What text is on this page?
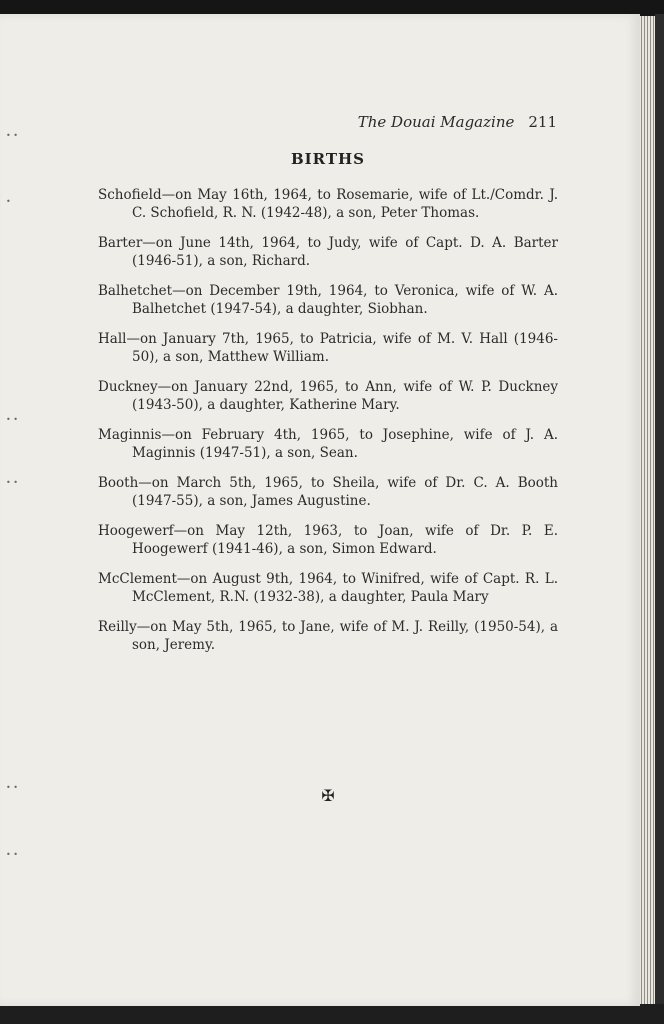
• •
•
• •
• •
• •
• •
The Douai Magazine 211
BIRTHS
Schofield—on May 16th, 1964, to Rosemarie, wife of Lt./Comdr. J. C. Schofield, R. N. (1942-48), a son, Peter Thomas.
Barter—on June 14th, 1964, to Judy, wife of Capt. D. A. Barter (1946-51), a son, Richard.
Balhetchet—on December 19th, 1964, to Veronica, wife of W. A. Balhetchet (1947-54), a daughter, Siobhan.
Hall—on January 7th, 1965, to Patricia, wife of M. V. Hall (1946-50), a son, Matthew William.
Duckney—on January 22nd, 1965, to Ann, wife of W. P. Duckney (1943-50), a daughter, Katherine Mary.
Maginnis—on February 4th, 1965, to Josephine, wife of J. A. Maginnis (1947-51), a son, Sean.
Booth—on March 5th, 1965, to Sheila, wife of Dr. C. A. Booth (1947-55), a son, James Augustine.
Hoogewerf—on May 12th, 1963, to Joan, wife of Dr. P. E. Hoogewerf (1941-46), a son, Simon Edward.
McClement—on August 9th, 1964, to Winifred, wife of Capt. R. L. McClement, R.N. (1932-38), a daughter, Paula Mary
Reilly—on May 5th, 1965, to Jane, wife of M. J. Reilly, (1950-54), a son, Jeremy.
✠
